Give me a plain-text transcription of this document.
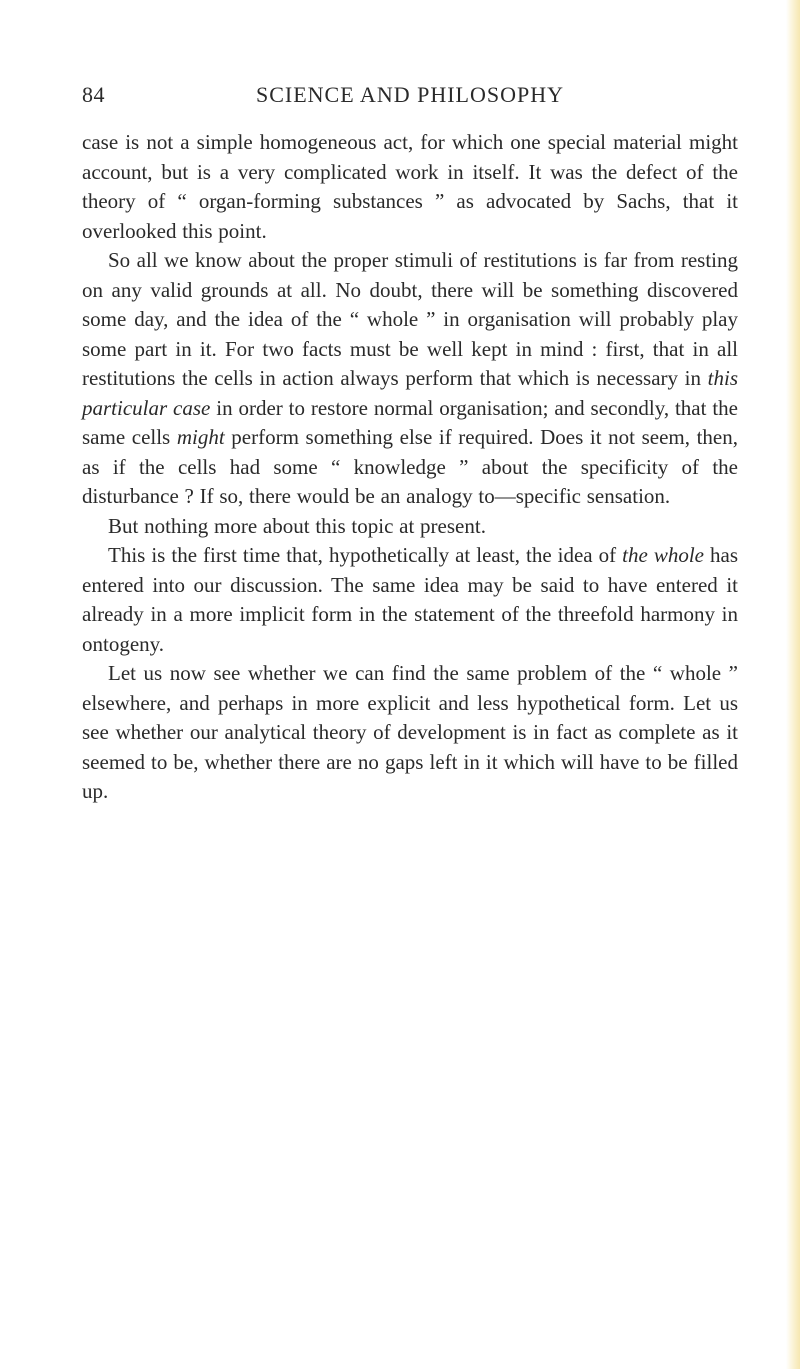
84	SCIENCE AND PHILOSOPHY

case is not a simple homogeneous act, for which one special material might account, but is a very complicated work in itself. It was the defect of the theory of “ organ-forming substances ” as advocated by Sachs, that it overlooked this point.

So all we know about the proper stimuli of restitutions is far from resting on any valid grounds at all. No doubt, there will be something discovered some day, and the idea of the “ whole ” in organisation will probably play some part in it. For two facts must be well kept in mind : first, that in all restitutions the cells in action always perform that which is necessary in this particular case in order to restore normal organisation; and secondly, that the same cells might perform something else if required. Does it not seem, then, as if the cells had some “ knowledge ” about the specificity of the disturbance ? If so, there would be an analogy to—specific sensation.

But nothing more about this topic at present.

This is the first time that, hypothetically at least, the idea of the whole has entered into our discussion. The same idea may be said to have entered it already in a more implicit form in the statement of the threefold harmony in ontogeny.

Let us now see whether we can find the same problem of the “ whole ” elsewhere, and perhaps in more explicit and less hypothetical form. Let us see whether our analytical theory of development is in fact as complete as it seemed to be, whether there are no gaps left in it which will have to be filled up.
